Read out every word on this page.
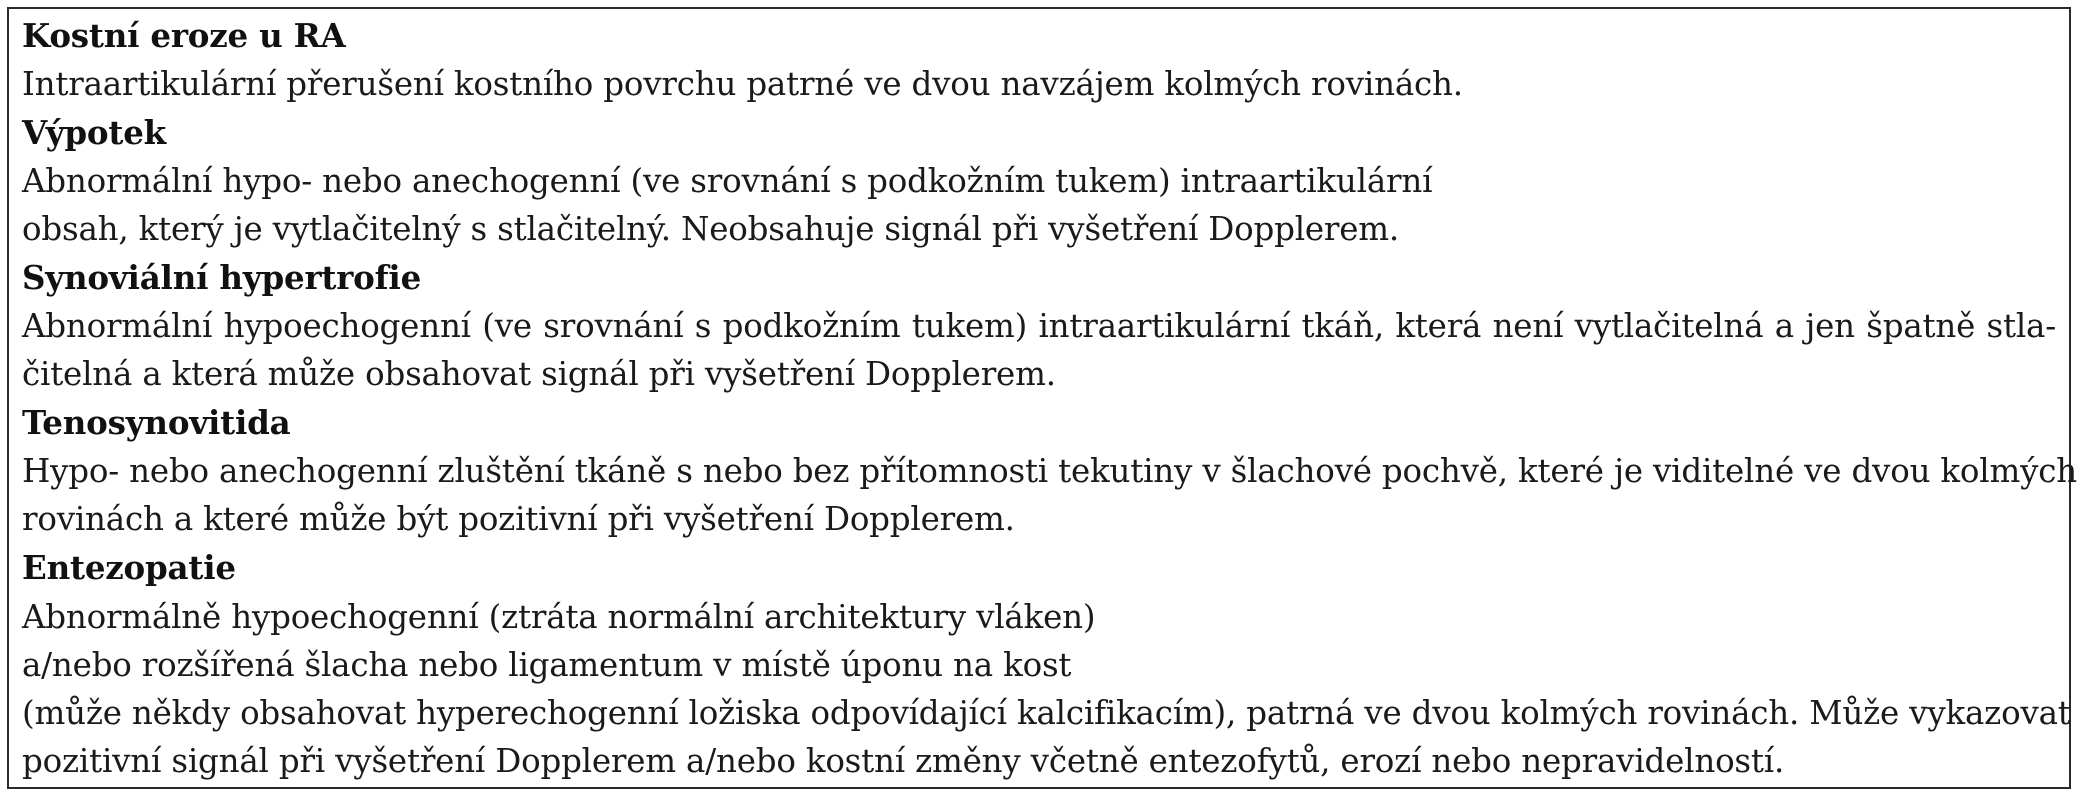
Kostní eroze u RA
Intraartikulární přerušení kostního povrchu patrné ve dvou navzájem kolmých rovinách.
Výpotek
Abnormální hypo- nebo anechogenní (ve srovnání s podkožním tukem) intraartikulární
obsah, který je vytlačitelný s stlačitelný. Neobsahuje signál při vyšetření Dopplerem.
Synoviální hypertrofie
Abnormální hypoechogenní (ve srovnání s podkožním tukem) intraartikulární tkáň, která není vytlačitelná a jen špatně stla-
čitelná a která může obsahovat signál při vyšetření Dopplerem.
Tenosynovitida
Hypo- nebo anechogenní zluštění tkáně s nebo bez přítomnosti tekutiny v šlachové pochvě, které je viditelné ve dvou kolmých
rovinách a které může být pozitivní při vyšetření Dopplerem.
Entezopatie
Abnormálně hypoechogenní (ztráta normální architektury vláken)
a/nebo rozšířená šlacha nebo ligamentum v místě úponu na kost
(může někdy obsahovat hyperechogenní ložiska odpovídající kalcifikacím), patrná ve dvou kolmých rovinách. Může vykazovat
pozitivní signál při vyšetření Dopplerem a/nebo kostní změny včetně entezofytů, erozí nebo nepravidelností.
